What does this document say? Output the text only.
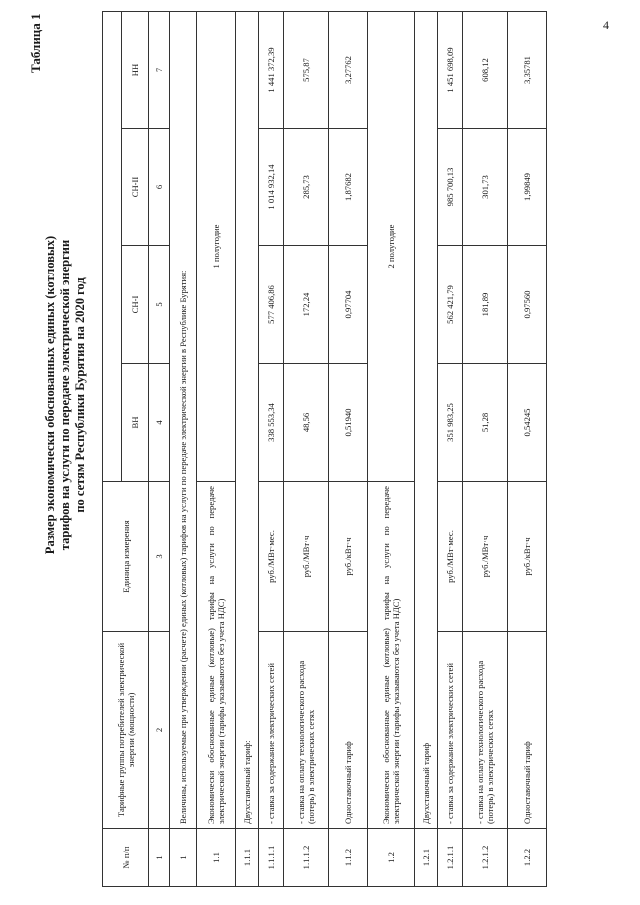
4
Таблица 1
Размер экономически обоснованных единых (котловых) тарифов на услуги по передаче электрической энергии по сетям Республики Бурятия на 2020 год
№ п/п	Тарифные группы потребителей электрической энергии (мощности)	Единица измерения				
			ВН	СН-I	СН-II	НН
1	2	3	4	5	6	7
1	Величины, используемые при утверждении (расчете) единых (котловых) тарифов на услуги по передаче электрической энергии в Республике Бурятия:					
1.1	Экономически обоснованные единые (котловые) тарифы на услуги по передаче электрической энергии (тарифы указываются без учета НДС)		1 полугодие			
1.1.1	Двухставочный тариф:					
1.1.1.1	- ставка за содержание электрических сетей	руб./МВт·мес.	338 553,34	577 406,86	1 014 932,14	1 441 372,39
1.1.1.2	- ставка на оплату технологического расхода (потерь) в электрических сетях	руб./МВт·ч	48,56	172,24	285,73	575,87
1.1.2	Одноставочный тариф	руб./кВт·ч	0,51940	0,97704	1,87682	3,27762
1.2	Экономически обоснованные единые (котловые) тарифы на услуги по передаче электрической энергии (тарифы указываются без учета НДС)		2 полугодие			
1.2.1	Двухставочный тариф					
1.2.1.1	- ставка за содержание электрических сетей	руб./МВт·мес.	351 983,25	562 421,79	985 700,13	1 451 698,09
1.2.1.2	- ставка на оплату технологического расхода (потерь) в электрических сетях	руб./МВт·ч	51,28	181,89	301,73	608,12
1.2.2	Одноставочный тариф	руб./кВт·ч	0,54245	0,97560	1,99849	3,35781
